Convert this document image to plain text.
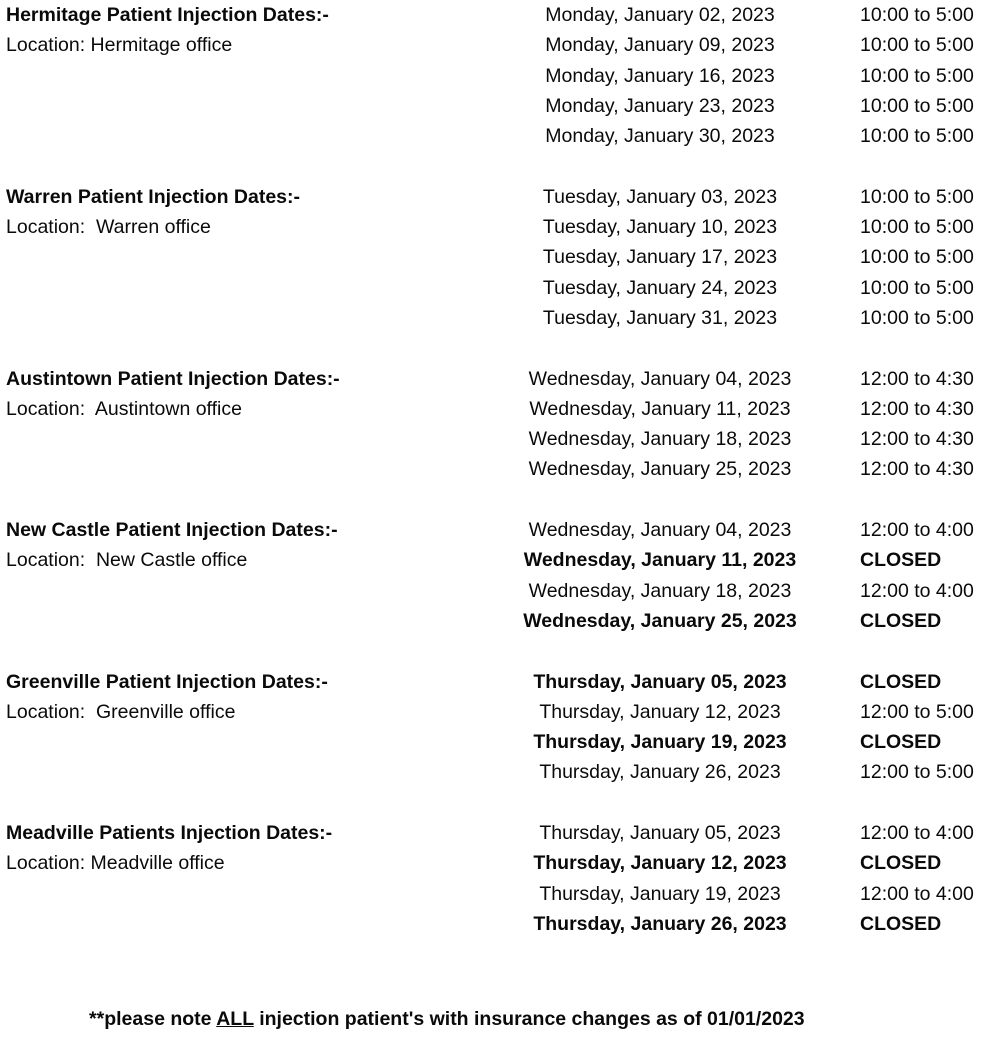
Hermitage Patient Injection Dates:-	Monday, January 02, 2023	10:00 to 5:00
Location: Hermitage office	Monday, January 09, 2023	10:00 to 5:00

Monday, January 16, 2023	10:00 to 5:00

Monday, January 23, 2023	10:00 to 5:00

Monday, January 30, 2023	10:00 to 5:00
Warren Patient Injection Dates:-	Tuesday, January 03, 2023	10:00 to 5:00
Location:  Warren office	Tuesday, January 10, 2023	10:00 to 5:00

Tuesday, January 17, 2023	10:00 to 5:00

Tuesday, January 24, 2023	10:00 to 5:00

Tuesday, January 31, 2023	10:00 to 5:00
Austintown Patient Injection Dates:-	Wednesday, January 04, 2023	12:00 to 4:30
Location:  Austintown office	Wednesday, January 11, 2023	12:00 to 4:30

Wednesday, January 18, 2023	12:00 to 4:30

Wednesday, January 25, 2023	12:00 to 4:30
New Castle Patient Injection Dates:-	Wednesday, January 04, 2023	12:00 to 4:00
Location:  New Castle office	Wednesday, January 11, 2023	CLOSED

Wednesday, January 18, 2023	12:00 to 4:00

Wednesday, January 25, 2023	CLOSED
Greenville Patient Injection Dates:-	Thursday, January 05, 2023	CLOSED
Location:  Greenville office	Thursday, January 12, 2023	12:00 to 5:00

Thursday, January 19, 2023	CLOSED

Thursday, January 26, 2023	12:00 to 5:00
Meadville Patients Injection Dates:-	Thursday, January 05, 2023	12:00 to 4:00
Location: Meadville office	Thursday, January 12, 2023	CLOSED

Thursday, January 19, 2023	12:00 to 4:00

Thursday, January 26, 2023	CLOSED

**please note ALL injection patient's with insurance changes as of 01/01/2023
